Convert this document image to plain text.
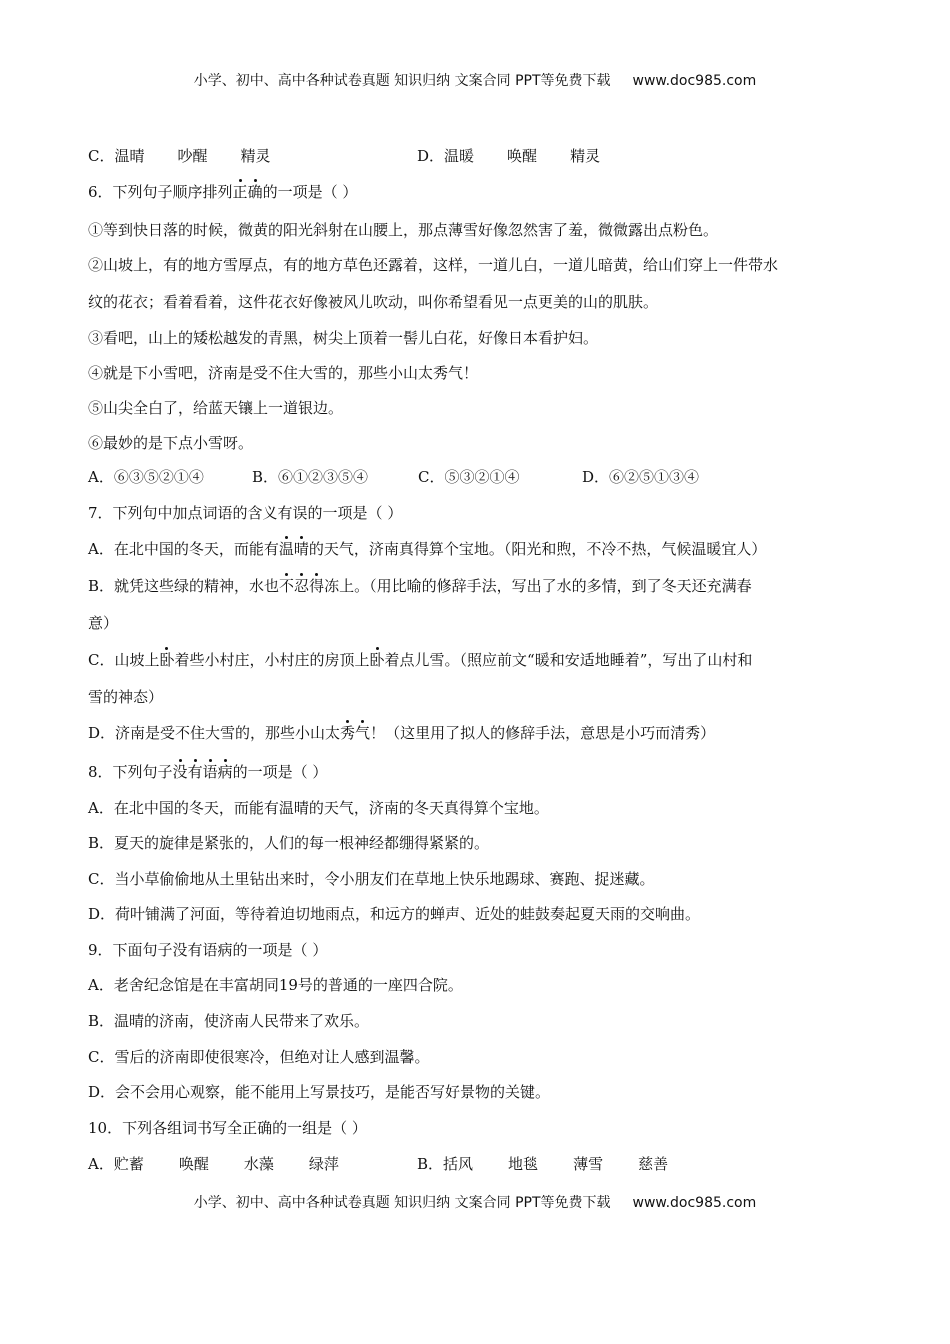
小学、初中、高中各种试卷真题 知识归纳 文案合同 PPT等免费下载 www.doc985.com
C．温晴 吵醒 精灵	D．温暖 唤醒 精灵
6．下列句子顺序排列正确的一项是（ ）
①等到快日落的时候，微黄的阳光斜射在山腰上，那点薄雪好像忽然害了羞，微微露出点粉色。
②山坡上，有的地方雪厚点，有的地方草色还露着，这样，一道儿白，一道儿暗黄，给山们穿上一件带水
纹的花衣；看着看着，这件花衣好像被风儿吹动，叫你希望看见一点更美的山的肌肤。
③看吧，山上的矮松越发的青黑，树尖上顶着一髻儿白花，好像日本看护妇。
④就是下小雪吧，济南是受不住大雪的，那些小山太秀气！
⑤山尖全白了，给蓝天镶上一道银边。
⑥最妙的是下点小雪呀。
A．⑥③⑤②①④	B．⑥①②③⑤④	C．⑤③②①④	D．⑥②⑤①③④
7．下列句中加点词语的含义有误的一项是（ ）
A．在北中国的冬天，而能有温晴的天气，济南真得算个宝地。（阳光和煦，不冷不热，气候温暖宜人）
B．就凭这些绿的精神，水也不忍得冻上。（用比喻的修辞手法，写出了水的多情，到了冬天还充满春
意）
C．山坡上卧着些小村庄，小村庄的房顶上卧着点儿雪。（照应前文“暖和安适地睡着”，写出了山村和
雪的神态）
D．济南是受不住大雪的，那些小山太秀气！（这里用了拟人的修辞手法，意思是小巧而清秀）
8．下列句子没有语病的一项是（ ）
A．在北中国的冬天，而能有温晴的天气，济南的冬天真得算个宝地。
B．夏天的旋律是紧张的，人们的每一根神经都绷得紧紧的。
C．当小草偷偷地从土里钻出来时，令小朋友们在草地上快乐地踢球、赛跑、捉迷藏。
D．荷叶铺满了河面，等待着迫切地雨点，和远方的蝉声、近处的蛙鼓奏起夏天雨的交响曲。
9．下面句子没有语病的一项是（ ）
A．老舍纪念馆是在丰富胡同19号的普通的一座四合院。
B．温晴的济南，使济南人民带来了欢乐。
C．雪后的济南即使很寒冷，但绝对让人感到温馨。
D．会不会用心观察，能不能用上写景技巧，是能否写好景物的关键。
10．下列各组词书写全正确的一组是（ ）
A．贮蓄 唤醒 水藻 绿萍	B．括风 地毯 薄雪 慈善
小学、初中、高中各种试卷真题 知识归纳 文案合同 PPT等免费下载 www.doc985.com
